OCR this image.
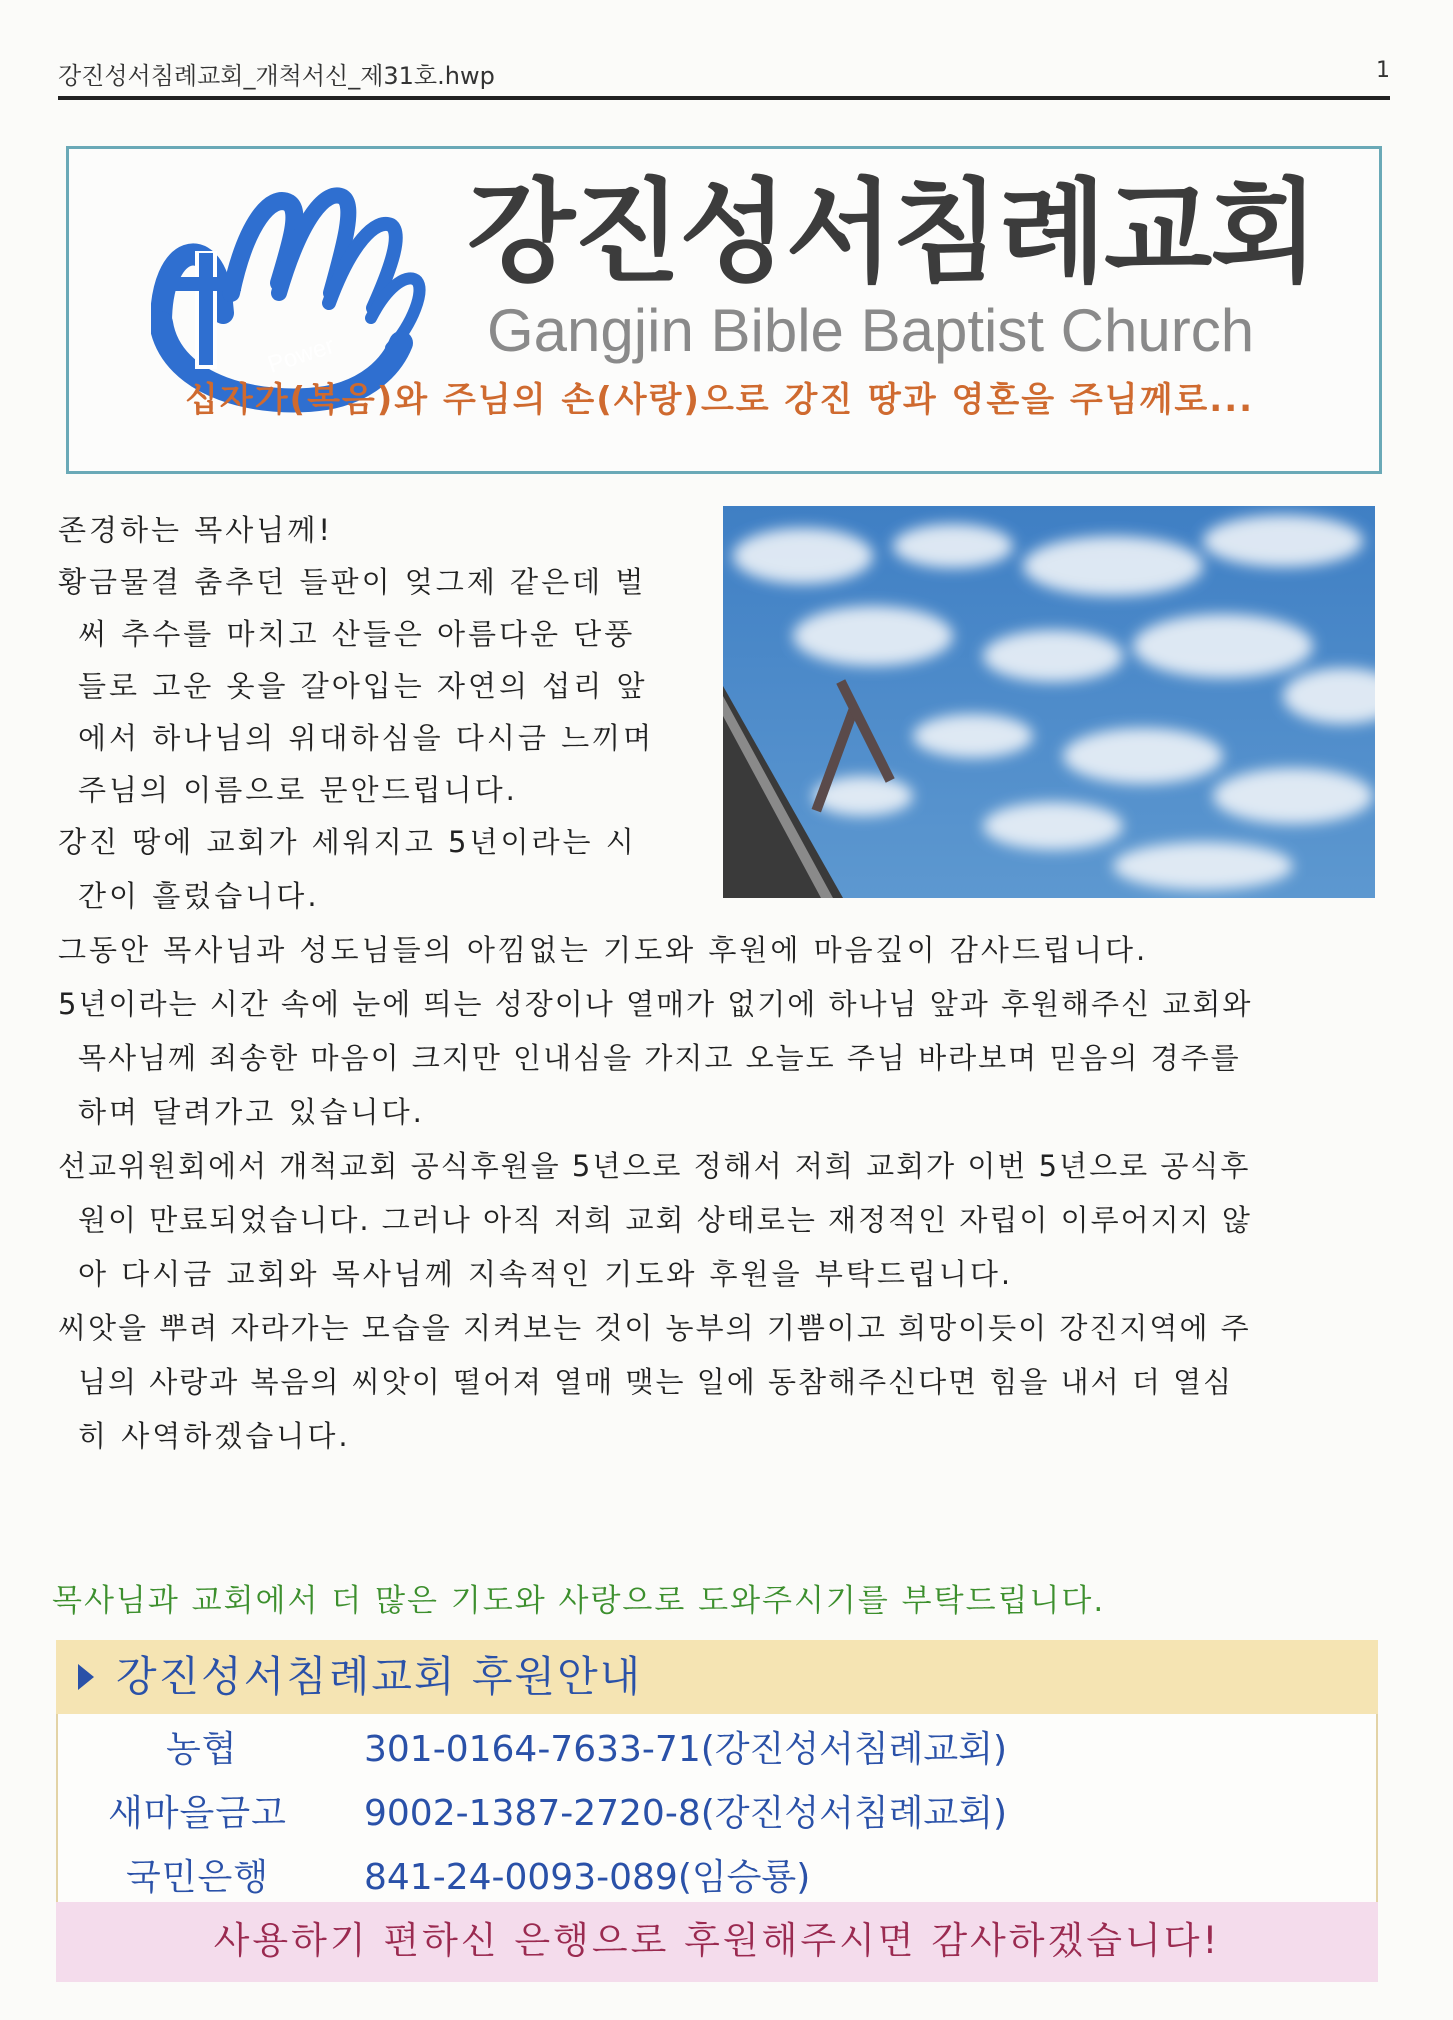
강진성서침례교회_개척서신_제31호.hwp	1
Power
강진성서침례교회
Gangjin Bible Baptist Church
십자가(복음)와 주님의 손(사랑)으로 강진 땅과 영혼을 주님께로...
존경하는 목사님께!
황금물결 춤추던 들판이 엊그제 같은데 벌
써 추수를 마치고 산들은 아름다운 단풍
들로 고운 옷을 갈아입는 자연의 섭리 앞
에서 하나님의 위대하심을 다시금 느끼며
주님의 이름으로 문안드립니다.
강진 땅에 교회가 세워지고 5년이라는 시
간이 흘렀습니다.
그동안 목사님과 성도님들의 아낌없는 기도와 후원에 마음깊이 감사드립니다.
5년이라는 시간 속에 눈에 띄는 성장이나 열매가 없기에 하나님 앞과 후원해주신 교회와
목사님께 죄송한 마음이 크지만 인내심을 가지고 오늘도 주님 바라보며 믿음의 경주를
하며 달려가고 있습니다.
선교위원회에서 개척교회 공식후원을 5년으로 정해서 저희 교회가 이번 5년으로 공식후
원이 만료되었습니다. 그러나 아직 저희 교회 상태로는 재정적인 자립이 이루어지지 않
아 다시금 교회와 목사님께 지속적인 기도와 후원을 부탁드립니다.
씨앗을 뿌려 자라가는 모습을 지켜보는 것이 농부의 기쁨이고 희망이듯이 강진지역에 주
님의 사랑과 복음의 씨앗이 떨어져 열매 맺는 일에 동참해주신다면 힘을 내서 더 열심
히 사역하겠습니다.
목사님과 교회에서 더 많은 기도와 사랑으로 도와주시기를 부탁드립니다.
강진성서침례교회 후원안내
농협	301-0164-7633-71(강진성서침례교회)
새마을금고 9002-1387-2720-8(강진성서침례교회)
국민은행	841-24-0093-089(임승룡)
사용하기 편하신 은행으로 후원해주시면 감사하겠습니다!
